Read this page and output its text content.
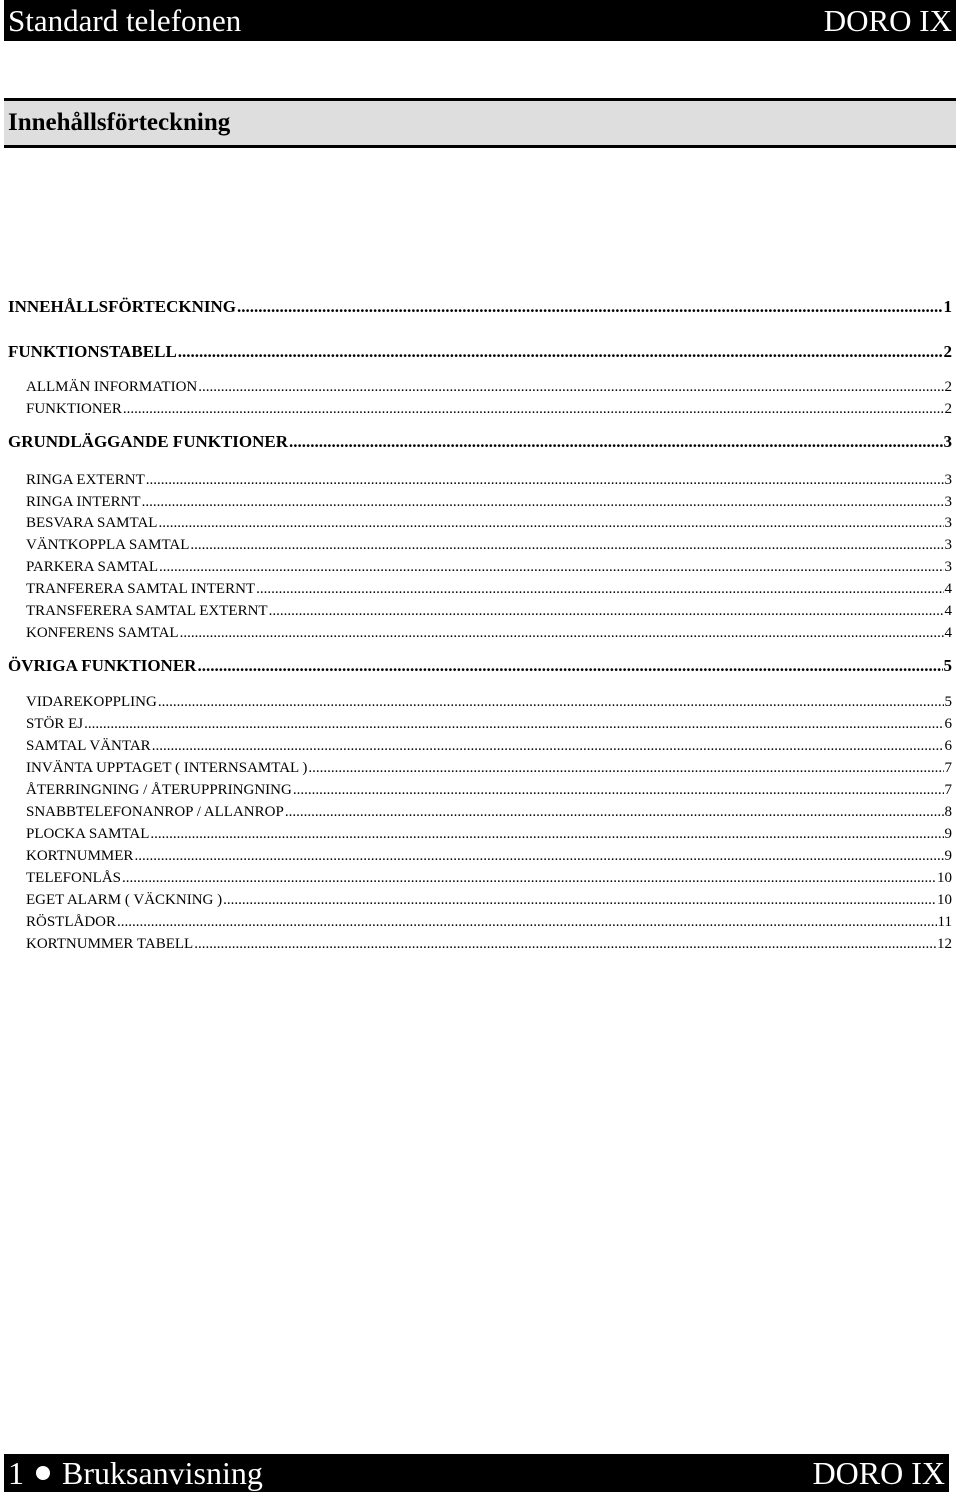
Standard telefonen	DORO IX
Innehållsförteckning
INNEHÅLLSFÖRTECKNING .....	1
FUNKTIONSTABELL .....	2
ALLMÄN INFORMATION .....	2
FUNKTIONER .....	2
GRUNDLÄGGANDE FUNKTIONER .....	3
RINGA EXTERNT .....	3
RINGA INTERNT .....	3
BESVARA SAMTAL .....	3
VÄNTKOPPLA SAMTAL .....	3
PARKERA SAMTAL .....	3
TRANFERERA SAMTAL INTERNT .....	4
TRANSFERERA SAMTAL EXTERNT .....	4
KONFERENS SAMTAL .....	4
ÖVRIGA FUNKTIONER .....	5
VIDAREKOPPLING .....	5
STÖR EJ .....	6
SAMTAL VÄNTAR .....	6
INVÄNTA UPPTAGET ( INTERNSAMTAL ) .....	7
ÅTERRINGNING / ÅTERUPPRINGNING .....	7
SNABBTELEFONANROP / ALLANROP .....	8
PLOCKA SAMTAL .....	9
KORTNUMMER .....	9
TELEFONLÅS .....	10
EGET ALARM ( VÄCKNING ) .....	10
RÖSTLÅDOR .....	11
KORTNUMMER TABELL .....	12
1 Bruksanvisning	DORO IX
